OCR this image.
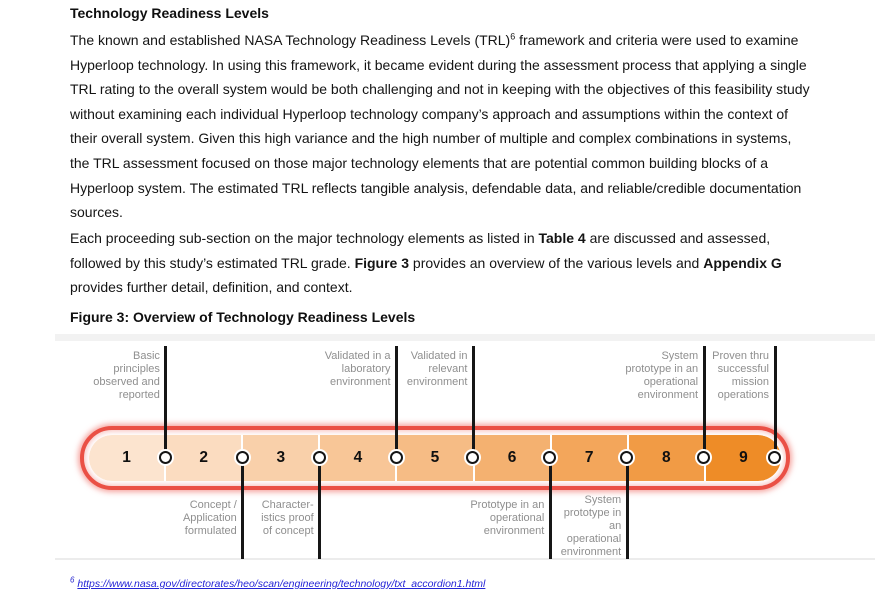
Technology Readiness Levels

The known and established NASA Technology Readiness Levels (TRL)$^6$ framework and criteria were used to examine Hyperloop technology. In using this framework, it became evident during the assessment process that applying a single TRL rating to the overall system would be both challenging and not in keeping with the objectives of this feasibility study without examining each individual Hyperloop technology company’s approach and assumptions within the context of their overall system. Given this high variance and the high number of multiple and complex combinations in systems, the TRL assessment focused on those major technology elements that are potential common building blocks of a Hyperloop system. The estimated TRL reflects tangible analysis, defendable data, and reliable/credible documentation sources.

Each proceeding sub-section on the major technology elements as listed in Table 4 are discussed and assessed, followed by this study’s estimated TRL grade. Figure 3 provides an overview of the various levels and Appendix G provides further detail, definition, and context.

Figure 3: Overview of Technology Readiness Levels
1	2	3	4	5	6	7	8	9
Basic
principles
observed and
reported
Concept /
Application
formulated
Character-
istics proof
of concept
Validated in a
laboratory
environment
Validated in
relevant
environment
Prototype in an
operational
environment
System
prototype in
an
operational
environment
System
prototype in an
operational
environment
Proven thru
successful
mission
operations
$^6$ https://www.nasa.gov/directorates/heo/scan/engineering/technology/txt_accordion1.html
